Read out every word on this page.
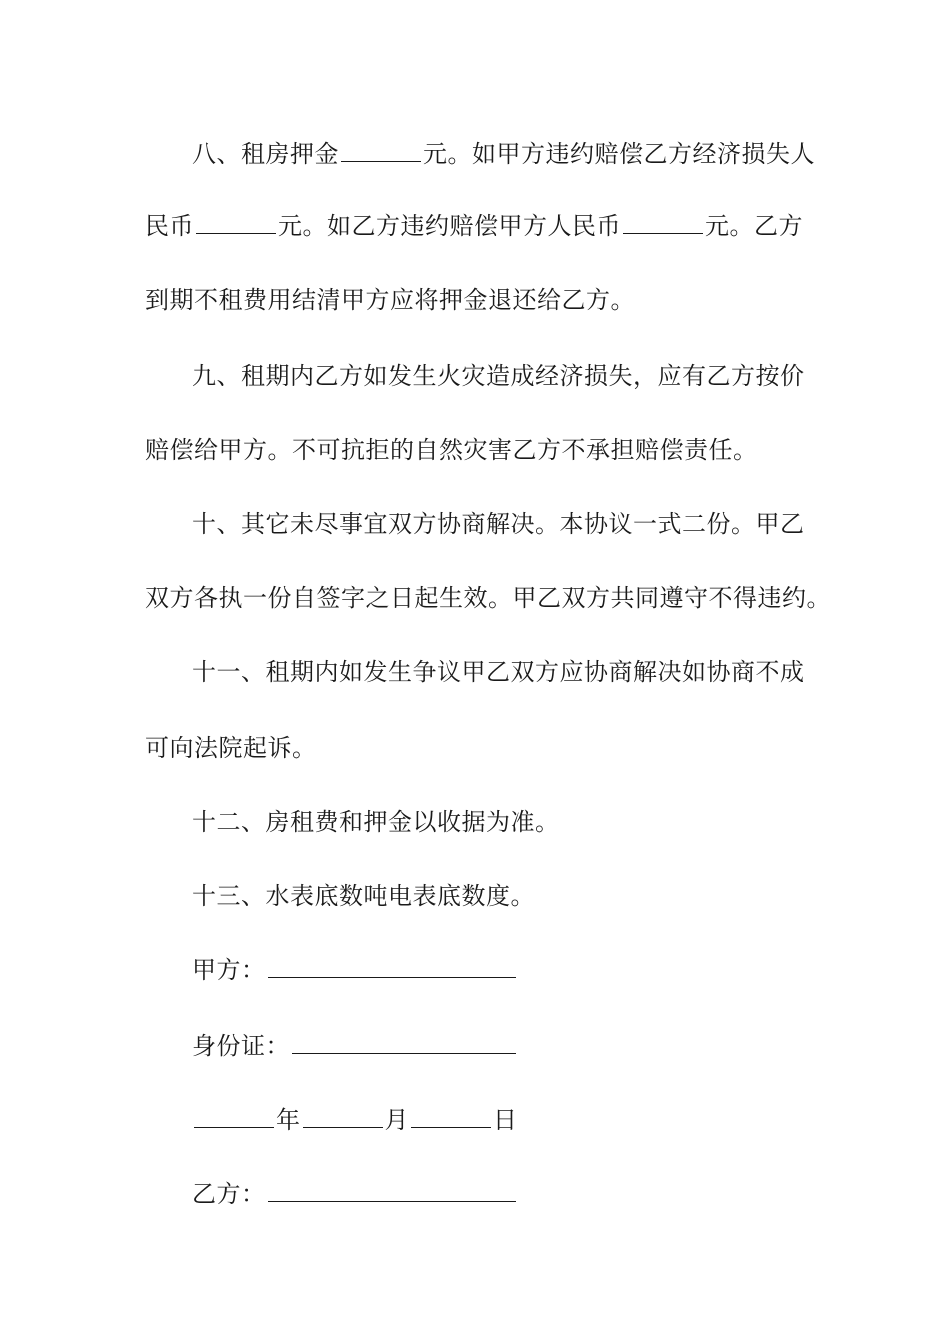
八、租房押金	元。如甲方违约赔偿乙方经济损失人
民币	元。如乙方违约赔偿甲方人民币	元。乙方
到期不租费用结清甲方应将押金退还给乙方。
九、租期内乙方如发生火灾造成经济损失，应有乙方按价
赔偿给甲方。不可抗拒的自然灾害乙方不承担赔偿责任。
十、其它未尽事宜双方协商解决。本协议一式二份。甲乙
双方各执一份自签字之日起生效。甲乙双方共同遵守不得违约。
十一、租期内如发生争议甲乙双方应协商解决如协商不成
可向法院起诉。
十二、房租费和押金以收据为准。
十三、水表底数吨电表底数度。
甲方：
身份证：
年	月	日
乙方：
